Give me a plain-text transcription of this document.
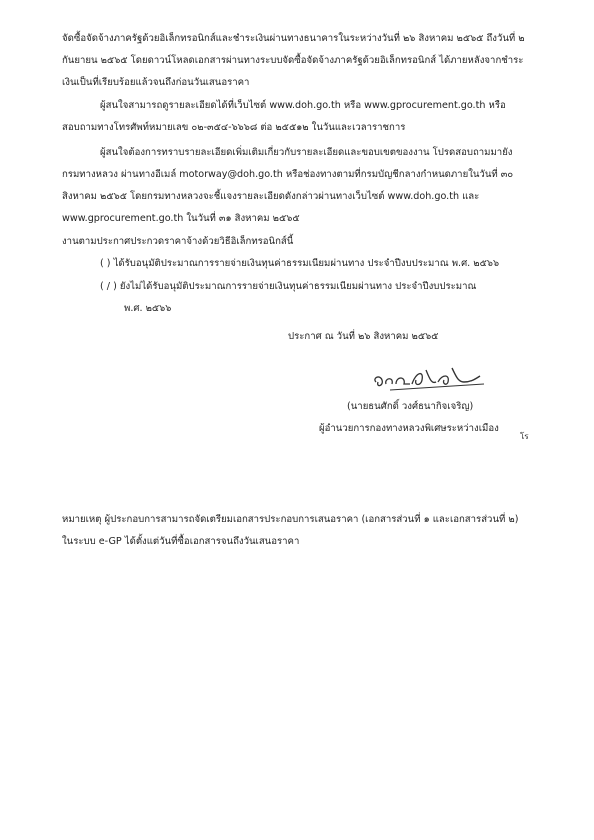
จัดซื้อจัดจ้างภาครัฐด้วยอิเล็กทรอนิกส์และชำระเงินผ่านทางธนาคารในระหว่างวันที่ ๒๖ สิงหาคม ๒๕๖๕ ถึงวันที่ ๒
กันยายน ๒๕๖๕ โดยดาวน์โหลดเอกสารผ่านทางระบบจัดซื้อจัดจ้างภาครัฐด้วยอิเล็กทรอนิกส์ ได้ภายหลังจากชำระ
เงินเป็นที่เรียบร้อยแล้วจนถึงก่อนวันเสนอราคา
ผู้สนใจสามารถดูรายละเอียดได้ที่เว็บไซต์ www.doh.go.th หรือ www.gprocurement.go.th หรือ
สอบถามทางโทรศัพท์หมายเลข ๐๒-๓๕๔-๖๖๖๘ ต่อ ๒๕๕๑๒ ในวันและเวลาราชการ
ผู้สนใจต้องการทราบรายละเอียดเพิ่มเติมเกี่ยวกับรายละเอียดและขอบเขตของงาน โปรดสอบถามมายัง
กรมทางหลวง ผ่านทางอีเมล์ motorway@doh.go.th หรือช่องทางตามที่กรมบัญชีกลางกำหนดภายในวันที่ ๓๐
สิงหาคม ๒๕๖๕ โดยกรมทางหลวงจะชี้แจงรายละเอียดดังกล่าวผ่านทางเว็บไซต์ www.doh.go.th และ
www.gprocurement.go.th ในวันที่ ๓๑ สิงหาคม ๒๕๖๕
งานตามประกาศประกวดราคาจ้างด้วยวิธีอิเล็กทรอนิกส์นี้
( ) ได้รับอนุมัติประมาณการรายจ่ายเงินทุนค่าธรรมเนียมผ่านทาง ประจำปีงบประมาณ พ.ศ. ๒๕๖๖
( / ) ยังไม่ได้รับอนุมัติประมาณการรายจ่ายเงินทุนค่าธรรมเนียมผ่านทาง ประจำปีงบประมาณ
พ.ศ. ๒๕๖๖
ประกาศ ณ วันที่ ๒๖ สิงหาคม ๒๕๖๕
(นายธนศักดิ์ วงศ์ธนากิจเจริญ)
ผู้อำนวยการกองทางหลวงพิเศษระหว่างเมือง
โร
หมายเหตุ ผู้ประกอบการสามารถจัดเตรียมเอกสารประกอบการเสนอราคา (เอกสารส่วนที่ ๑ และเอกสารส่วนที่ ๒)
ในระบบ e-GP ได้ตั้งแต่วันที่ซื้อเอกสารจนถึงวันเสนอราคา
